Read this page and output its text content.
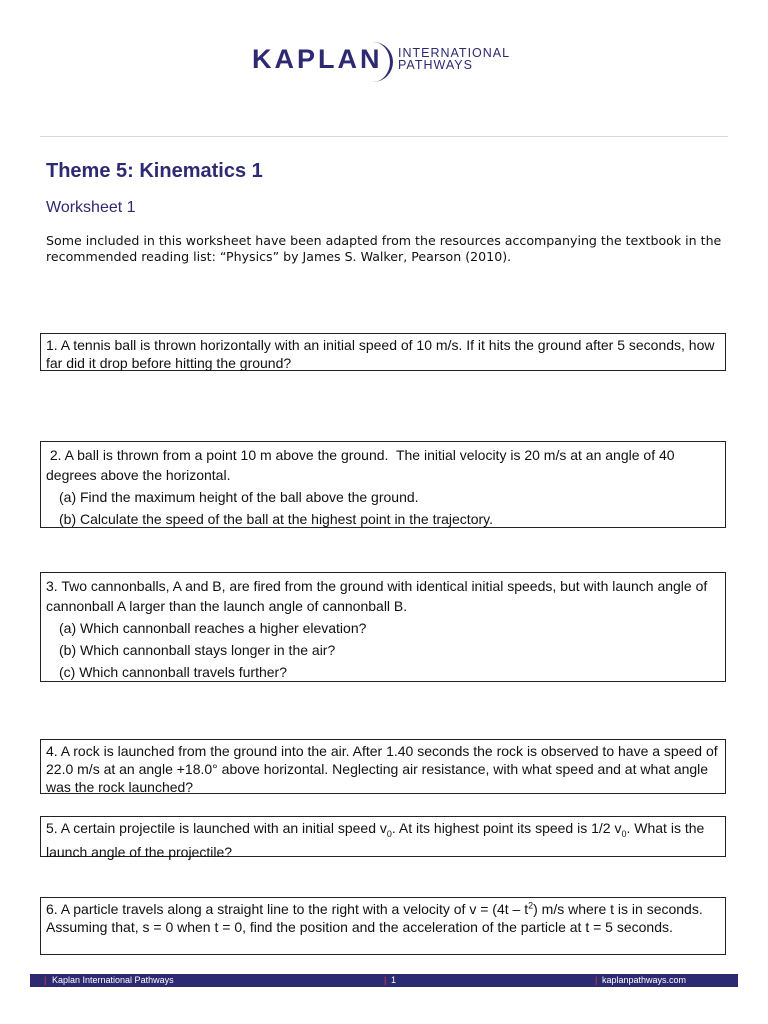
KAPLAN INTERNATIONAL
PATHWAYS
Theme 5: Kinematics 1
Worksheet 1
Some included in this worksheet have been adapted from the resources accompanying the textbook in the recommended reading list: “Physics” by James S. Walker, Pearson (2010).
1. A tennis ball is thrown horizontally with an initial speed of 10 m/s. If it hits the ground after 5 seconds, how far did it drop before hitting the ground?
2. A ball is thrown from a point 10 m above the ground.  The initial velocity is 20 m/s at an angle of 40 degrees above the horizontal.
(a) Find the maximum height of the ball above the ground.
(b) Calculate the speed of the ball at the highest point in the trajectory.
3. Two cannonballs, A and B, are fired from the ground with identical initial speeds, but with launch angle of cannonball A larger than the launch angle of cannonball B.
(a) Which cannonball reaches a higher elevation?
(b) Which cannonball stays longer in the air?
(c) Which cannonball travels further?
4. A rock is launched from the ground into the air. After 1.40 seconds the rock is observed to have a speed of 22.0 m/s at an angle +18.0° above horizontal. Neglecting air resistance, with what speed and at what angle was the rock launched?
5. A certain projectile is launched with an initial speed $v_0$. At its highest point its speed is 1/2 $v_0$. What is the launch angle of the projectile?
6. A particle travels along a straight line to the right with a velocity of $v = (4t - t^2)$ m/s where t is in seconds. Assuming that, s = 0 when t = 0, find the position and the acceleration of the particle at t = 5 seconds.
| Kaplan International Pathways	| 1	| kaplanpathways.com
